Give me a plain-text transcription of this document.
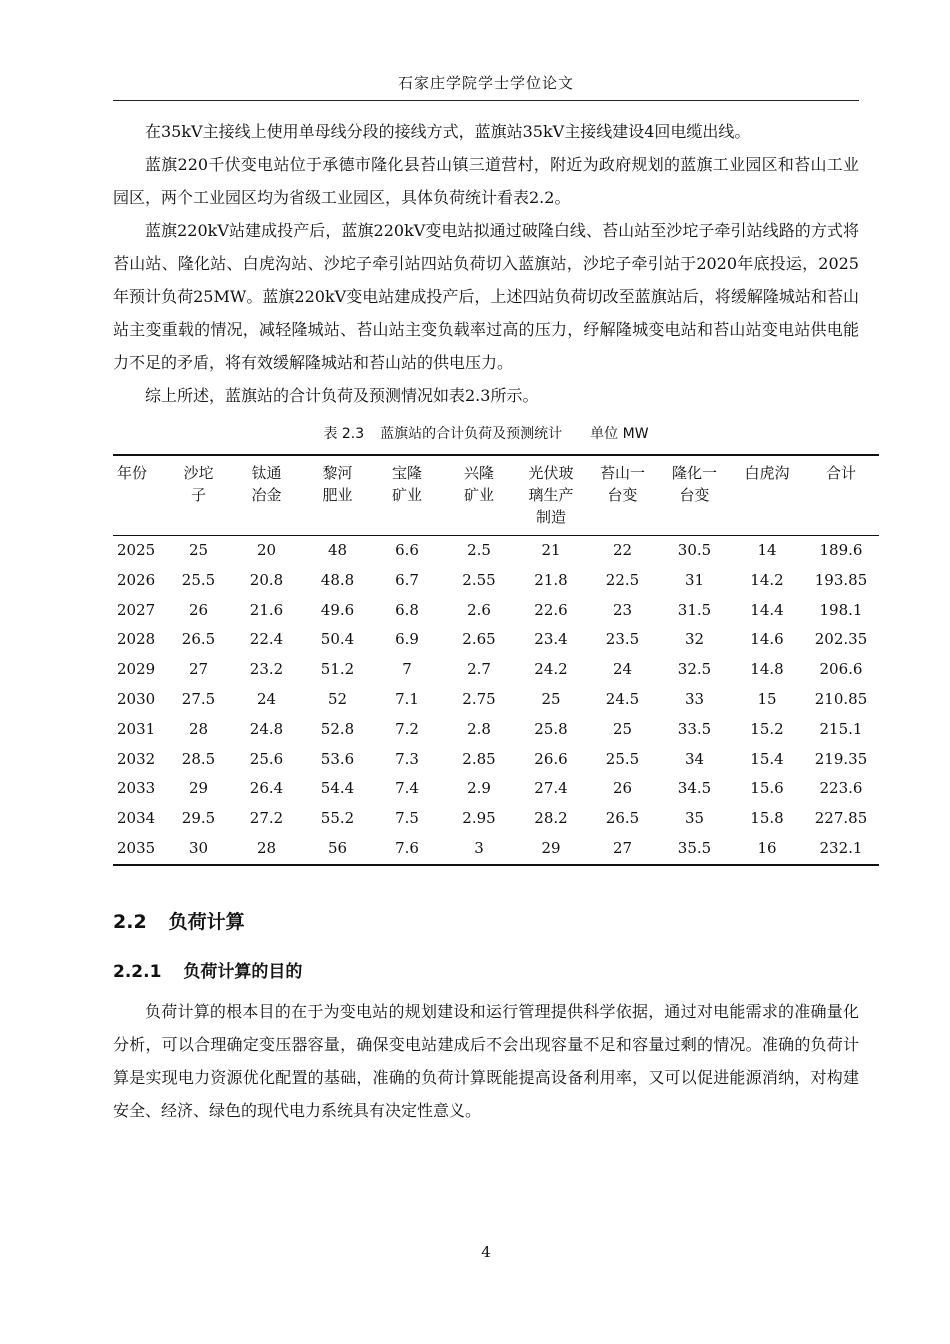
石家庄学院学士学位论文

在35kV主接线上使用单母线分段的接线方式，蓝旗站35kV主接线建设4回电缆出线。

蓝旗220千伏变电站位于承德市隆化县苔山镇三道营村，附近为政府规划的蓝旗工业园区和苔山工业园区，两个工业园区均为省级工业园区，具体负荷统计看表2.2。

蓝旗220kV站建成投产后，蓝旗220kV变电站拟通过破隆白线、苔山站至沙坨子牵引站线路的方式将苔山站、隆化站、白虎沟站、沙坨子牵引站四站负荷切入蓝旗站，沙坨子牵引站于2020年底投运，2025年预计负荷25MW。蓝旗220kV变电站建成投产后，上述四站负荷切改至蓝旗站后，将缓解隆城站和苔山站主变重载的情况，减轻隆城站、苔山站主变负载率过高的压力，纾解隆城变电站和苔山站变电站供电能力不足的矛盾，将有效缓解隆城站和苔山站的供电压力。

综上所述，蓝旗站的合计负荷及预测情况如表2.3所示。

表 2.3 蓝旗站的合计负荷及预测统计 单位 MW
年份	沙坨子	钛通冶金	黎河肥业	宝隆矿业	兴隆矿业	光伏玻璃生产制造	苔山一台变	隆化一台变	白虎沟	合计
2025	25	20	48	6.6	2.5	21	22	30.5	14	189.6
2026	25.5	20.8	48.8	6.7	2.55	21.8	22.5	31	14.2	193.85
2027	26	21.6	49.6	6.8	2.6	22.6	23	31.5	14.4	198.1
2028	26.5	22.4	50.4	6.9	2.65	23.4	23.5	32	14.6	202.35
2029	27	23.2	51.2	7	2.7	24.2	24	32.5	14.8	206.6
2030	27.5	24	52	7.1	2.75	25	24.5	33	15	210.85
2031	28	24.8	52.8	7.2	2.8	25.8	25	33.5	15.2	215.1
2032	28.5	25.6	53.6	7.3	2.85	26.6	25.5	34	15.4	219.35
2033	29	26.4	54.4	7.4	2.9	27.4	26	34.5	15.6	223.6
2034	29.5	27.2	55.2	7.5	2.95	28.2	26.5	35	15.8	227.85
2035	30	28	56	7.6	3	29	27	35.5	16	232.1
2.2 负荷计算
2.2.1 负荷计算的目的

负荷计算的根本目的在于为变电站的规划建设和运行管理提供科学依据，通过对电能需求的准确量化分析，可以合理确定变压器容量，确保变电站建成后不会出现容量不足和容量过剩的情况。准确的负荷计算是实现电力资源优化配置的基础，准确的负荷计算既能提高设备利用率，又可以促进能源消纳，对构建安全、经济、绿色的现代电力系统具有决定性意义。

4
